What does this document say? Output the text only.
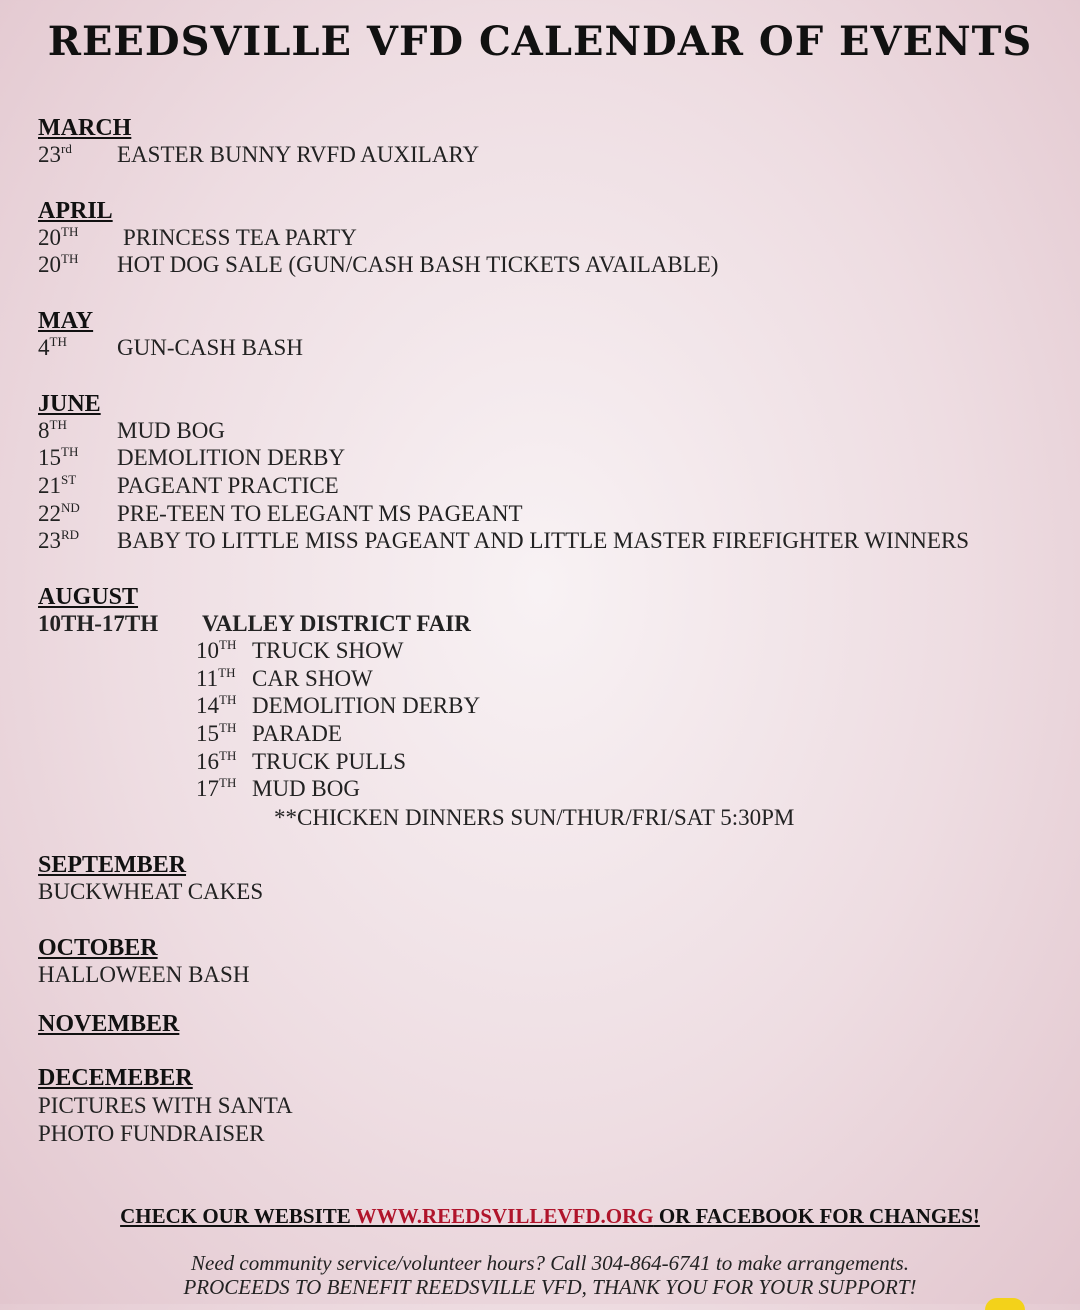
REEDSVILLE VFD CALENDAR OF EVENTS
MARCH
23rd EASTER BUNNY RVFD AUXILARY
APRIL
20TH PRINCESS TEA PARTY
20TH HOT DOG SALE (GUN/CASH BASH TICKETS AVAILABLE)
MAY
4TH GUN-CASH BASH
JUNE
8TH MUD BOG
15TH DEMOLITION DERBY
21ST PAGEANT PRACTICE
22ND PRE-TEEN TO ELEGANT MS PAGEANT
23RD BABY TO LITTLE MISS PAGEANT AND LITTLE MASTER FIREFIGHTER WINNERS
AUGUST
10TH-17TH VALLEY DISTRICT FAIR
10TH TRUCK SHOW
11TH CAR SHOW
14TH DEMOLITION DERBY
15TH PARADE
16TH TRUCK PULLS
17TH MUD BOG
**CHICKEN DINNERS SUN/THUR/FRI/SAT 5:30PM
SEPTEMBER
BUCKWHEAT CAKES
OCTOBER
HALLOWEEN BASH
NOVEMBER
DECEMEBER
PICTURES WITH SANTA
PHOTO FUNDRAISER
CHECK OUR WEBSITE WWW.REEDSVILLEVFD.ORG OR FACEBOOK FOR CHANGES!
Need community service/volunteer hours? Call 304-864-6741 to make arrangements.
PROCEEDS TO BENEFIT REEDSVILLE VFD, THANK YOU FOR YOUR SUPPORT!
